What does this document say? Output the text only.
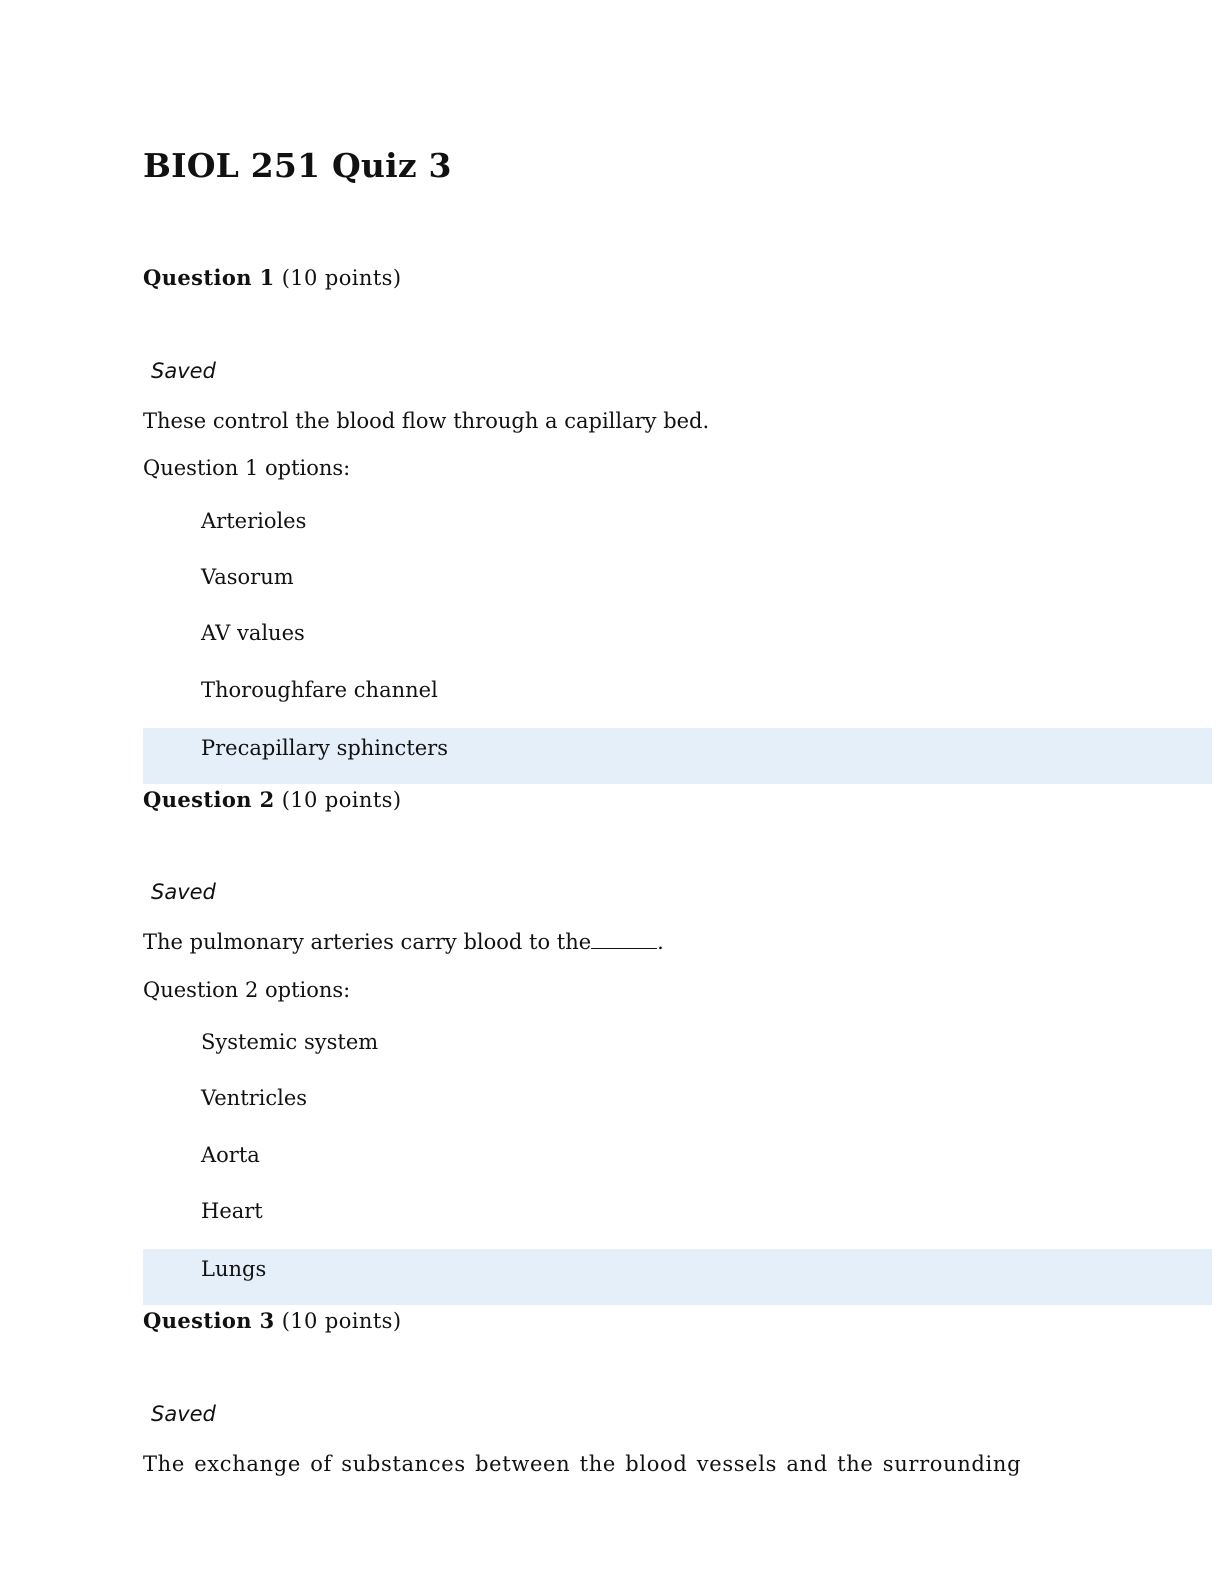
BIOL 251 Quiz 3
Question 1 (10 points)
Saved
These control the blood flow through a capillary bed.
Question 1 options:
Arterioles
Vasorum
AV values
Thoroughfare channel
Precapillary sphincters
Question 2 (10 points)
Saved
The pulmonary arteries carry blood to the	.
Question 2 options:
Systemic system
Ventricles
Aorta
Heart
Lungs
Question 3 (10 points)
Saved
The exchange of substances between the blood vessels and the surrounding
